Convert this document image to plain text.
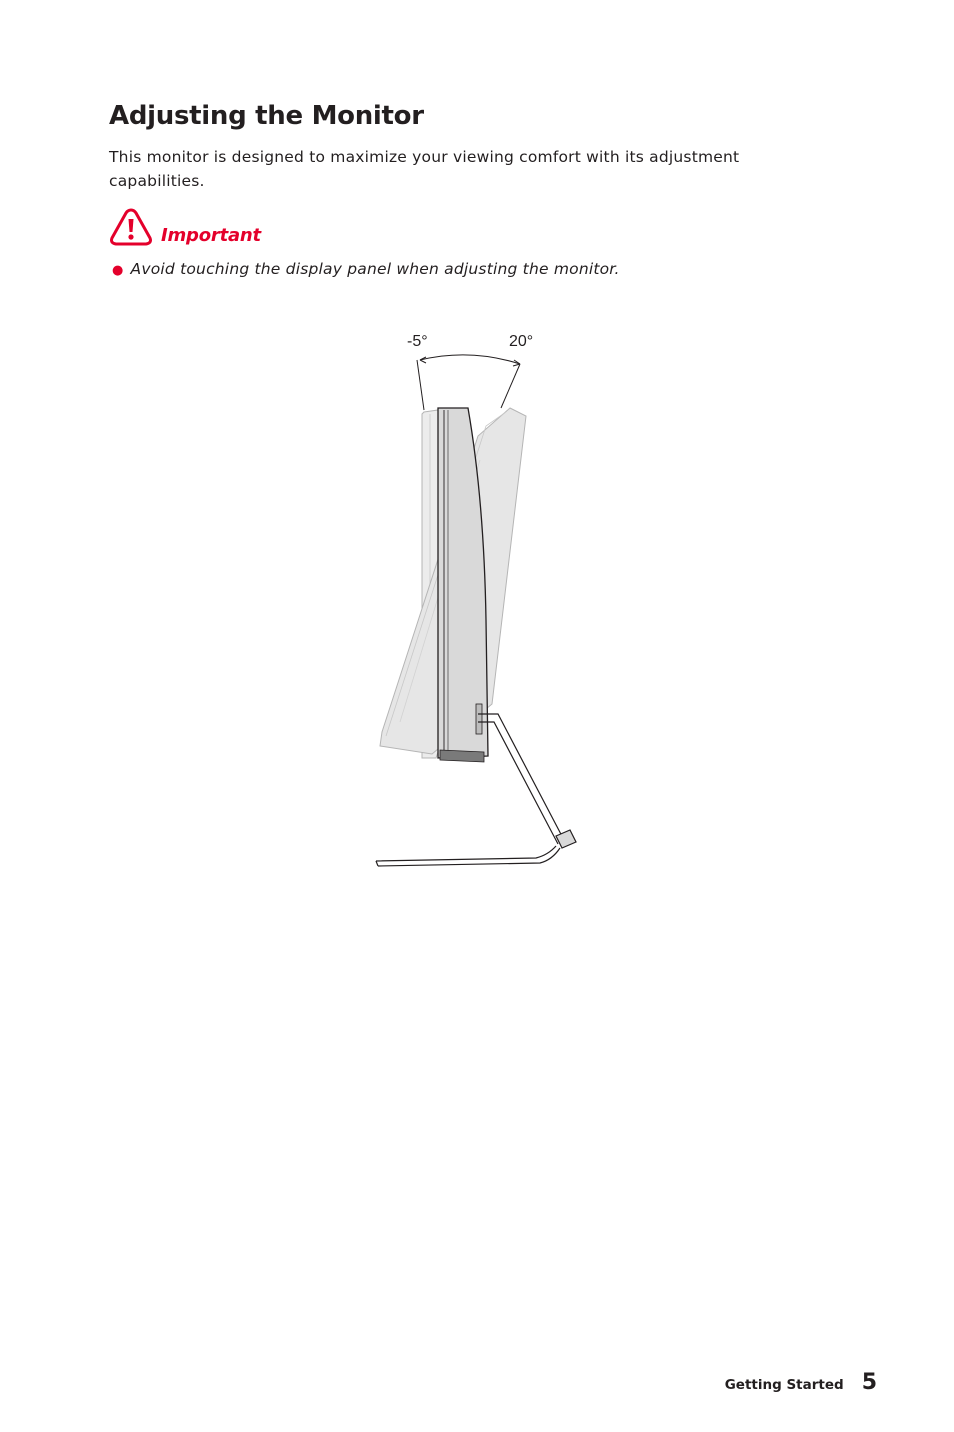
Adjusting the Monitor

This monitor is designed to maximize your viewing comfort with its adjustment capabilities.

Important
● Avoid touching the display panel when adjusting the monitor.
-5°	20°
Getting Started 5
